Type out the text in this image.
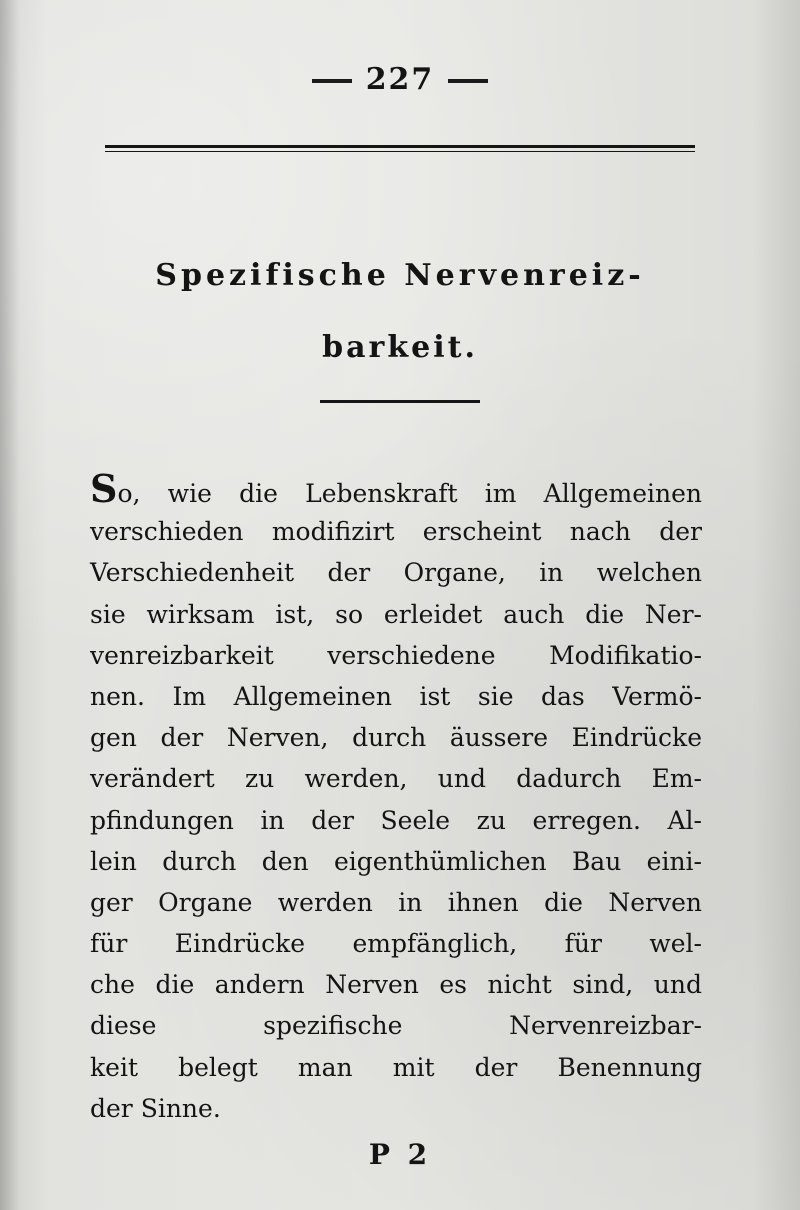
227
Spezifische Nervenreiz-
barkeit.
So, wie die Lebenskraft im Allgemeinen
verschieden modifizirt erscheint nach der
Verschiedenheit der Organe, in welchen
sie wirksam ist, so erleidet auch die Ner-
venreizbarkeit verschiedene Modifikatio-
nen. Im Allgemeinen ist sie das Vermö-
gen der Nerven, durch äussere Eindrücke
verändert zu werden, und dadurch Em-
pfindungen in der Seele zu erregen. Al-
lein durch den eigenthümlichen Bau eini-
ger Organe werden in ihnen die Nerven
für Eindrücke empfänglich, für wel-
che die andern Nerven es nicht sind, und
diese spezifische Nervenreizbar-
keit belegt man mit der Benennung
der Sinne.
P 2
